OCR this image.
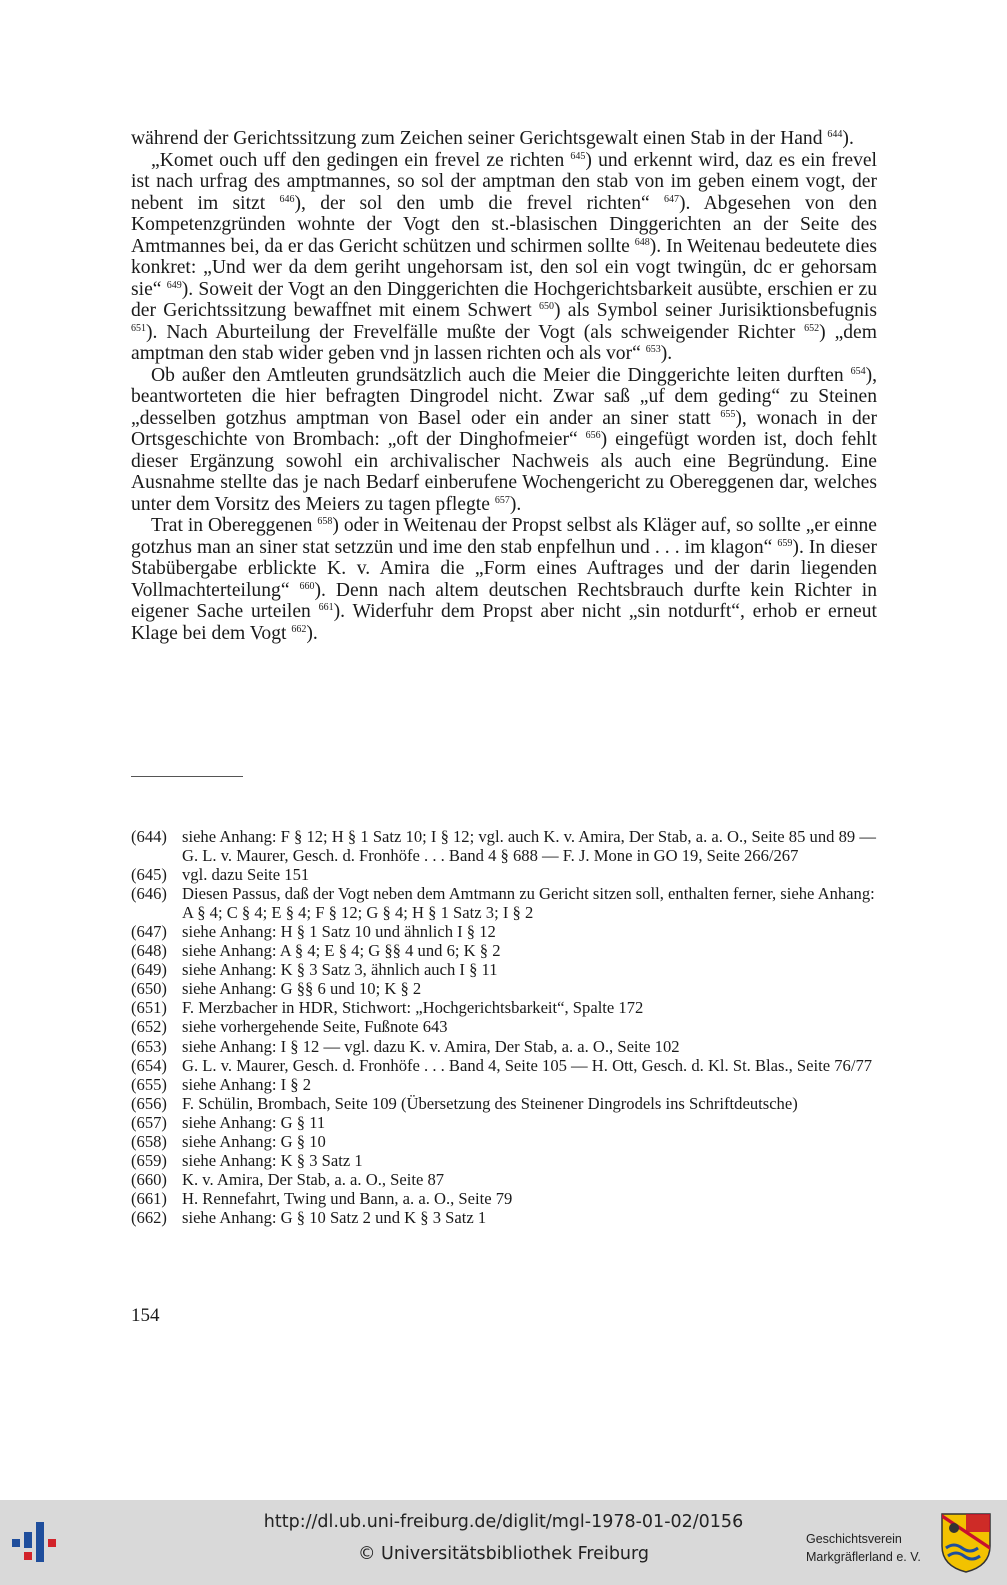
während der Gerichtssitzung zum Zeichen seiner Gerichtsgewalt einen Stab in der Hand $^{644}$).

„Komet ouch uff den gedingen ein frevel ze richten $^{645}$) und erkennt wird, daz es ein frevel ist nach urfrag des amptmannes, so sol der amptman den stab von im geben einem vogt, der nebent im sitzt $^{646}$), der sol den umb die frevel richten“ $^{647}$). Abgesehen von den Kompetenzgründen wohnte der Vogt den st.-blasischen Dinggerichten an der Seite des Amtmannes bei, da er das Gericht schützen und schirmen sollte $^{648}$). In Weitenau bedeutete dies konkret: „Und wer da dem geriht ungehorsam ist, den sol ein vogt twingün, dc er gehorsam sie“ $^{649}$). Soweit der Vogt an den Dinggerichten die Hochgerichtsbarkeit ausübte, erschien er zu der Gerichtssitzung bewaffnet mit einem Schwert $^{650}$) als Symbol seiner Jurisiktionsbefugnis $^{651}$). Nach Aburteilung der Frevelfälle mußte der Vogt (als schweigender Richter $^{652}$) „dem amptman den stab wider geben vnd jn lassen richten och als vor“ $^{653}$).

Ob außer den Amtleuten grundsätzlich auch die Meier die Dinggerichte leiten durften $^{654}$), beantworteten die hier befragten Dingrodel nicht. Zwar saß „uf dem geding“ zu Steinen „desselben gotzhus amptman von Basel oder ein ander an siner statt $^{655}$), wonach in der Ortsgeschichte von Brombach: „oft der Dinghofmeier“ $^{656}$) eingefügt worden ist, doch fehlt dieser Ergänzung sowohl ein archivalischer Nachweis als auch eine Begründung. Eine Ausnahme stellte das je nach Bedarf einberufene Wochengericht zu Obereggenen dar, welches unter dem Vorsitz des Meiers zu tagen pflegte $^{657}$).

Trat in Obereggenen $^{658}$) oder in Weitenau der Propst selbst als Kläger auf, so sollte „er einne gotzhus man an siner stat setzzün und ime den stab enpfelhun und . . . im klagon“ $^{659}$). In dieser Stabübergabe erblickte K. v. Amira die „Form eines Auftrages und der darin liegenden Vollmachterteilung“ $^{660}$). Denn nach altem deutschen Rechtsbrauch durfte kein Richter in eigener Sache urteilen $^{661}$). Widerfuhr dem Propst aber nicht „sin notdurft“, erhob er erneut Klage bei dem Vogt $^{662}$).

(644) siehe Anhang: F § 12; H § 1 Satz 10; I § 12; vgl. auch K. v. Amira, Der Stab, a. a. O., Seite 85 und 89 — G. L. v. Maurer, Gesch. d. Fronhöfe . . . Band 4 § 688 — F. J. Mone in GO 19, Seite 266/267
(645) vgl. dazu Seite 151
(646) Diesen Passus, daß der Vogt neben dem Amtmann zu Gericht sitzen soll, enthalten ferner, siehe Anhang: A § 4; C § 4; E § 4; F § 12; G § 4; H § 1 Satz 3; I § 2
(647) siehe Anhang: H § 1 Satz 10 und ähnlich I § 12
(648) siehe Anhang: A § 4; E § 4; G §§ 4 und 6; K § 2
(649) siehe Anhang: K § 3 Satz 3, ähnlich auch I § 11
(650) siehe Anhang: G §§ 6 und 10; K § 2
(651) F. Merzbacher in HDR, Stichwort: „Hochgerichtsbarkeit“, Spalte 172
(652) siehe vorhergehende Seite, Fußnote 643
(653) siehe Anhang: I § 12 — vgl. dazu K. v. Amira, Der Stab, a. a. O., Seite 102
(654) G. L. v. Maurer, Gesch. d. Fronhöfe . . . Band 4, Seite 105 — H. Ott, Gesch. d. Kl. St. Blas., Seite 76/77
(655) siehe Anhang: I § 2
(656) F. Schülin, Brombach, Seite 109 (Übersetzung des Steinener Dingrodels ins Schriftdeutsche)
(657) siehe Anhang: G § 11
(658) siehe Anhang: G § 10
(659) siehe Anhang: K § 3 Satz 1
(660) K. v. Amira, Der Stab, a. a. O., Seite 87
(661) H. Rennefahrt, Twing und Bann, a. a. O., Seite 79
(662) siehe Anhang: G § 10 Satz 2 und K § 3 Satz 1
154
http://dl.ub.uni-freiburg.de/diglit/mgl-1978-01-02/0156
© Universitätsbibliothek Freiburg
Geschichtsverein
Markgräflerland e. V.
